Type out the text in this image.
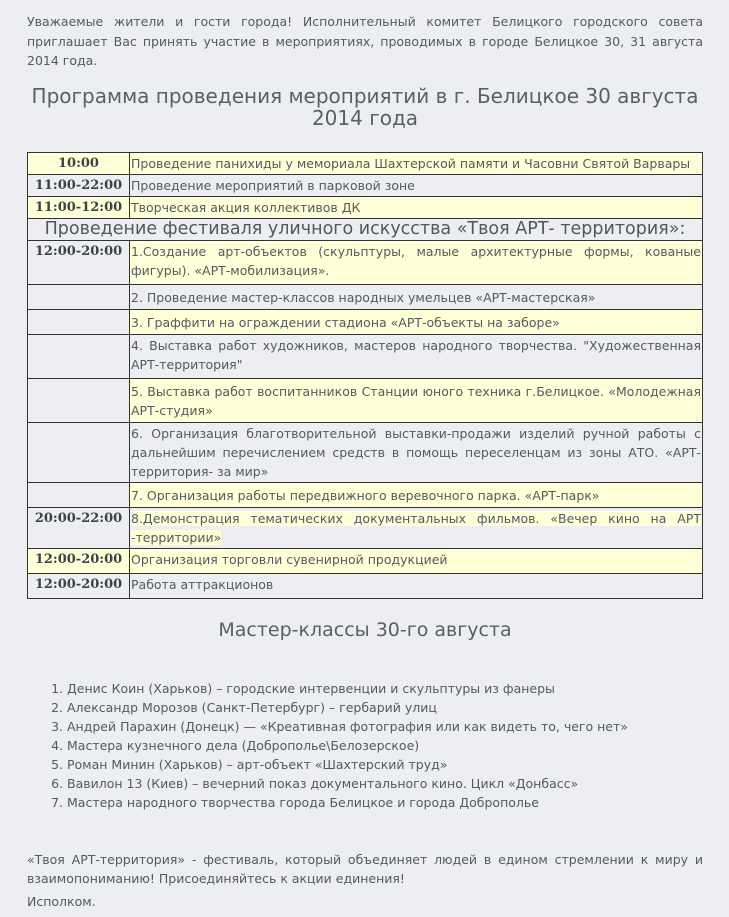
Уважаемые жители и гости города! Исполнительный комитет Белицкого городского совета приглашает Вас принять участие в мероприятиях, проводимых в городе Белицкое 30, 31 августа 2014 года.

Программа проведения мероприятий в г. Белицкое 30 августа 2014 года
10:00	Проведение панихиды у мемориала Шахтерской памяти и Часовни Святой Варвары
11:00-22:00	Проведение мероприятий в парковой зоне
11:00-12:00	Творческая акция коллективов ДК
Проведение фестиваля уличного искусства «Твоя АРТ- территория»:	
12:00-20:00	1.Создание арт-объектов (скульптуры, малые архитектурные формы, кованые фигуры). «АРТ-мобилизация».
	2. Проведение мастер-классов народных умельцев «АРТ-мастерская»
	3. Граффити на ограждении стадиона «АРТ-объекты на заборе»
	4. Выставка работ художников, мастеров народного творчества. "Художественная АРТ-территория"
	5. Выставка работ воспитанников Станции юного техника г.Белицкое. «Молодежная АРТ-студия»
	6. Организация благотворительной выставки-продажи изделий ручной работы с дальнейшим перечислением средств в помощь переселенцам из зоны АТО. «АРТ-территория- за мир»
	7. Организация работы передвижного веревочного парка. «АРТ-парк»
20:00-22:00	8.Демонстрация тематических документальных фильмов. «Вечер кино на АРТ -территории»
12:00-20:00	Организация торговли сувенирной продукцией
12:00-20:00	Работа аттракционов
Мастер-классы 30-го августа
1. Денис Коин (Харьков) – городские интервенции и скульптуры из фанеры
2. Александр Морозов (Санкт-Петербург) – гербарий улиц
3. Андрей Парахин (Донецк) — «Креативная фотография или как видеть то, чего нет»
4. Мастера кузнечного дела (Доброполье\Белозерское)
5. Роман Минин (Харьков) – арт-объект «Шахтерский труд»
6. Вавилон 13 (Киев) – вечерний показ документального кино. Цикл «Донбасс»
7. Мастера народного творчества города Белицкое и города Доброполье

«Твоя АРТ-территория» - фестиваль, который объединяет людей в едином стремлении к миру и взаимопониманию! Присоединяйтесь к акции единения!

Исполком.
